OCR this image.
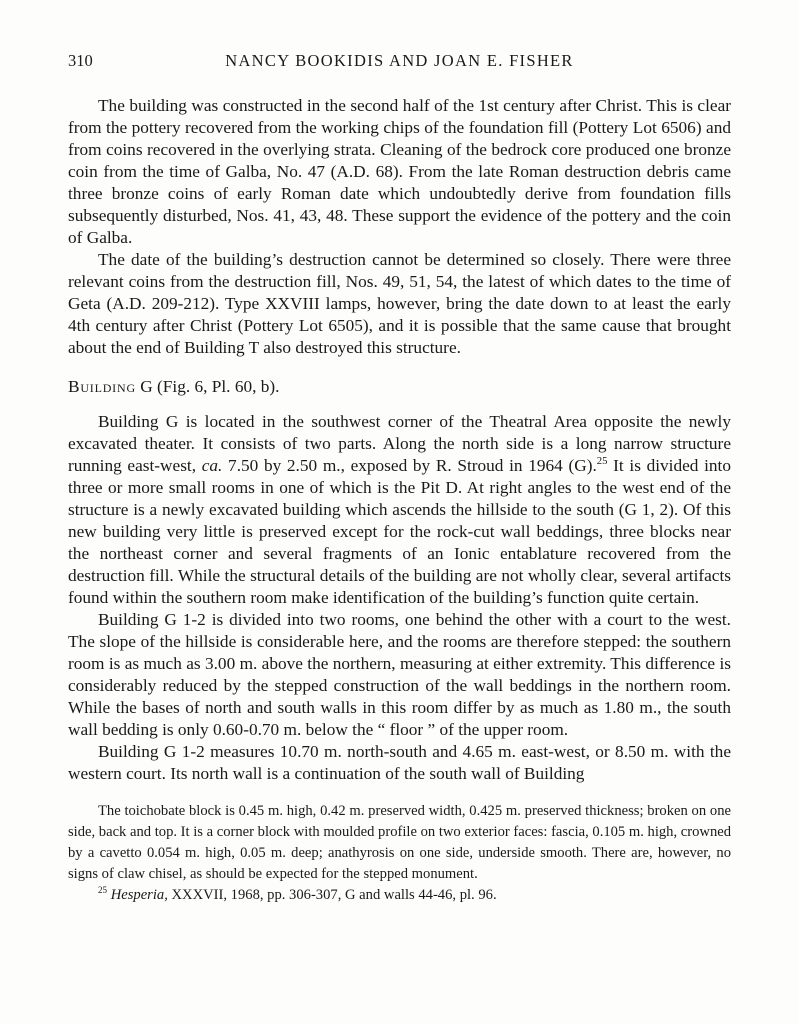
310	NANCY BOOKIDIS AND JOAN E. FISHER

The building was constructed in the second half of the 1st century after Christ. This is clear from the pottery recovered from the working chips of the foundation fill (Pottery Lot 6506) and from coins recovered in the overlying strata. Cleaning of the bedrock core produced one bronze coin from the time of Galba, No. 47 (A.D. 68). From the late Roman destruction debris came three bronze coins of early Roman date which undoubtedly derive from foundation fills subsequently disturbed, Nos. 41, 43, 48. These support the evidence of the pottery and the coin of Galba.

The date of the building’s destruction cannot be determined so closely. There were three relevant coins from the destruction fill, Nos. 49, 51, 54, the latest of which dates to the time of Geta (A.D. 209-212). Type XXVIII lamps, however, bring the date down to at least the early 4th century after Christ (Pottery Lot 6505), and it is possible that the same cause that brought about the end of Building T also destroyed this structure.

Building G (Fig. 6, Pl. 60, b).

Building G is located in the southwest corner of the Theatral Area opposite the newly excavated theater. It consists of two parts. Along the north side is a long narrow structure running east-west, ca. 7.50 by 2.50 m., exposed by R. Stroud in 1964 (G).$^{25}$ It is divided into three or more small rooms in one of which is the Pit D. At right angles to the west end of the structure is a newly excavated building which ascends the hillside to the south (G 1, 2). Of this new building very little is preserved except for the rock-cut wall beddings, three blocks near the northeast corner and several fragments of an Ionic entablature recovered from the destruction fill. While the structural details of the building are not wholly clear, several artifacts found within the southern room make identification of the building’s function quite certain.

Building G 1-2 is divided into two rooms, one behind the other with a court to the west. The slope of the hillside is considerable here, and the rooms are therefore stepped: the southern room is as much as 3.00 m. above the northern, measuring at either extremity. This difference is considerably reduced by the stepped construction of the wall beddings in the northern room. While the bases of north and south walls in this room differ by as much as 1.80 m., the south wall bedding is only 0.60-0.70 m. below the “ floor ” of the upper room.

Building G 1-2 measures 10.70 m. north-south and 4.65 m. east-west, or 8.50 m. with the western court. Its north wall is a continuation of the south wall of Building

The toichobate block is 0.45 m. high, 0.42 m. preserved width, 0.425 m. preserved thickness; broken on one side, back and top. It is a corner block with moulded profile on two exterior faces: fascia, 0.105 m. high, crowned by a cavetto 0.054 m. high, 0.05 m. deep; anathyrosis on one side, underside smooth. There are, however, no signs of claw chisel, as should be expected for the stepped monument.

$^{25}$ Hesperia, XXXVII, 1968, pp. 306-307, G and walls 44-46, pl. 96.
